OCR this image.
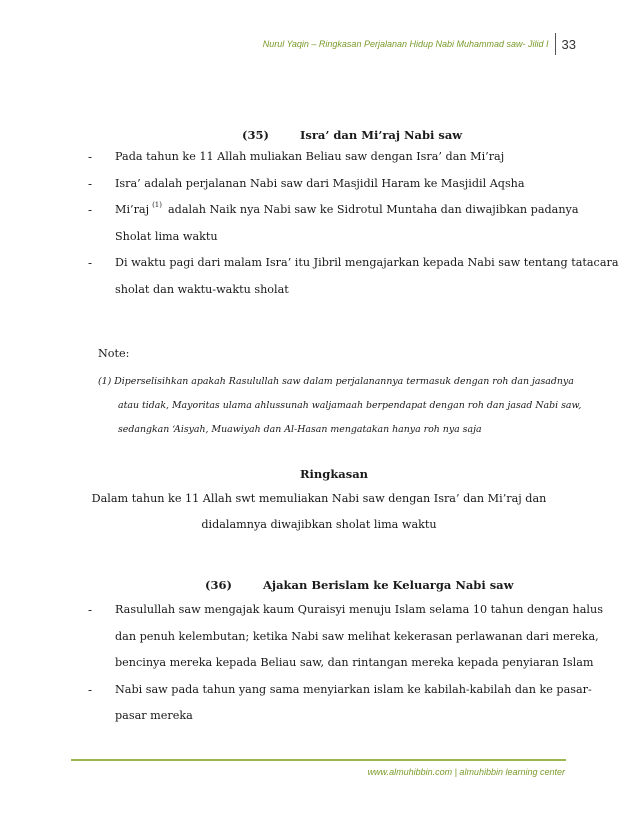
Nurul Yaqin – Ringkasan Perjalanan Hidup Nabi Muhammad saw- Jilid I 33
(35)	Isra’ dan Mi’raj Nabi saw
- Pada tahun ke 11 Allah muliakan Beliau saw dengan Isra’ dan Mi’raj
- Isra’ adalah perjalanan Nabi saw dari Masjidil Haram ke Masjidil Aqsha
- Mi’raj $^{(1)}$ adalah Naik nya Nabi saw ke Sidrotul Muntaha dan diwajibkan padanya
Sholat lima waktu
- Di waktu pagi dari malam Isra’ itu Jibril mengajarkan kepada Nabi saw tentang tatacara
sholat dan waktu-waktu sholat
Note:
(1) Diperselisihkan apakah Rasulullah saw dalam perjalanannya termasuk dengan roh dan jasadnya
atau tidak, Mayoritas ulama ahlussunah waljamaah berpendapat dengan roh dan jasad Nabi saw,
sedangkan ‘Aisyah, Muawiyah dan Al-Hasan mengatakan hanya roh nya saja
Ringkasan
Dalam tahun ke 11 Allah swt memuliakan Nabi saw dengan Isra’ dan Mi’raj dan
didalamnya diwajibkan sholat lima waktu
(36)	Ajakan Berislam ke Keluarga Nabi saw
- Rasulullah saw mengajak kaum Quraisyi menuju Islam selama 10 tahun dengan halus
dan penuh kelembutan; ketika Nabi saw melihat kekerasan perlawanan dari mereka,
bencinya mereka kepada Beliau saw, dan rintangan mereka kepada penyiaran Islam
- Nabi saw pada tahun yang sama menyiarkan islam ke kabilah-kabilah dan ke pasar-
pasar mereka
www.almuhibbin.com | almuhibbin learning center
